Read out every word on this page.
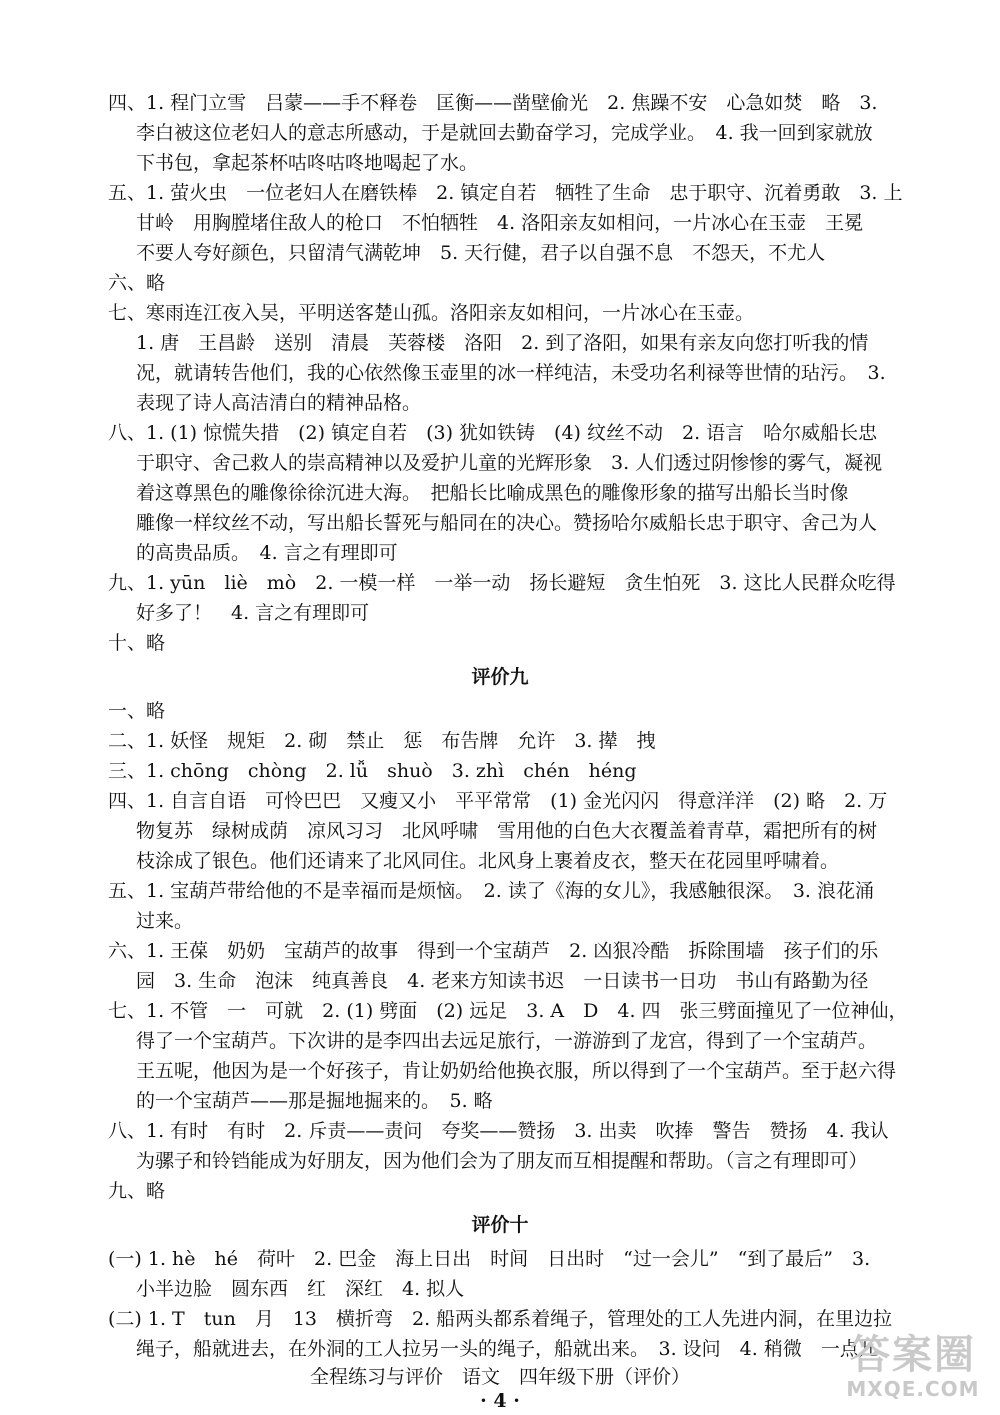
四、1. 程门立雪　吕蒙——手不释卷　匡衡——凿壁偷光　2. 焦躁不安　心急如焚　略　3.
李白被这位老妇人的意志所感动，于是就回去勤奋学习，完成学业。　4. 我一回到家就放
下书包，拿起茶杯咕咚咕咚地喝起了水。
五、1. 萤火虫　一位老妇人在磨铁棒　2. 镇定自若　牺牲了生命　忠于职守、沉着勇敢　3. 上
甘岭　用胸膛堵住敌人的枪口　不怕牺牲　4. 洛阳亲友如相问，一片冰心在玉壶　王冕
不要人夸好颜色，只留清气满乾坤　5. 天行健，君子以自强不息　不怨天，不尤人
六、略
七、寒雨连江夜入吴，平明送客楚山孤。洛阳亲友如相问，一片冰心在玉壶。
1. 唐　王昌龄　送别　清晨　芙蓉楼　洛阳　2. 到了洛阳，如果有亲友向您打听我的情
况，就请转告他们，我的心依然像玉壶里的冰一样纯洁，未受功名利禄等世情的玷污。　3.
表现了诗人高洁清白的精神品格。
八、1. (1) 惊慌失措　(2) 镇定自若　(3) 犹如铁铸　(4) 纹丝不动　2. 语言　哈尔威船长忠
于职守、舍己救人的崇高精神以及爱护儿童的光辉形象　3. 人们透过阴惨惨的雾气，凝视
着这尊黑色的雕像徐徐沉进大海。　把船长比喻成黑色的雕像形象的描写出船长当时像
雕像一样纹丝不动，写出船长誓死与船同在的决心。赞扬哈尔威船长忠于职守、舍己为人
的高贵品质。　4. 言之有理即可
九、1. yūn　liè　mò　2. 一模一样　一举一动　扬长避短　贪生怕死　3. 这比人民群众吃得
好多了！　4. 言之有理即可
十、略
评价九
一、略
二、1. 妖怪　规矩　2. 砌　禁止　惩　布告牌　允许　3. 撵　拽
三、1. chōng　chòng　2. lǚ　shuò　3. zhì　chén　héng
四、1. 自言自语　可怜巴巴　又瘦又小　平平常常　(1) 金光闪闪　得意洋洋　(2) 略　2. 万
物复苏　绿树成荫　凉风习习　北风呼啸　雪用他的白色大衣覆盖着青草，霜把所有的树
枝涂成了银色。他们还请来了北风同住。北风身上裹着皮衣，整天在花园里呼啸着。
五、1. 宝葫芦带给他的不是幸福而是烦恼。　2. 读了《海的女儿》，我感触很深。　3. 浪花涌
过来。
六、1. 王葆　奶奶　宝葫芦的故事　得到一个宝葫芦　2. 凶狠冷酷　拆除围墙　孩子们的乐
园　3. 生命　泡沫　纯真善良　4. 老来方知读书迟　一日读书一日功　书山有路勤为径
七、1. 不管　一　可就　2. (1) 劈面　(2) 远足　3. A　D　4. 四　张三劈面撞见了一位神仙，
得了一个宝葫芦。下次讲的是李四出去远足旅行，一游游到了龙宫，得到了一个宝葫芦。
王五呢，他因为是一个好孩子，肯让奶奶给他换衣服，所以得到了一个宝葫芦。至于赵六得
的一个宝葫芦——那是掘地掘来的。　5. 略
八、1. 有时　有时　2. 斥责——责问　夸奖——赞扬　3. 出卖　吹捧　警告　赞扬　4. 我认
为骡子和铃铛能成为好朋友，因为他们会为了朋友而互相提醒和帮助。（言之有理即可）
九、略
评价十
(一) 1. hè　hé　荷叶　2. 巴金　海上日出　时间　日出时　“过一会儿”　“到了最后”　3.
小半边脸　圆东西　红　深红　4. 拟人
(二) 1. T　tun　月　13　横折弯　2. 船两头都系着绳子，管理处的工人先进内洞，在里边拉
绳子，船就进去，在外洞的工人拉另一头的绳子，船就出来。　3. 设问　4. 稍微　一点儿
全程练习与评价　语文　四年级下册（评价）
· 4 ·
答案圈
MXQE.COM
